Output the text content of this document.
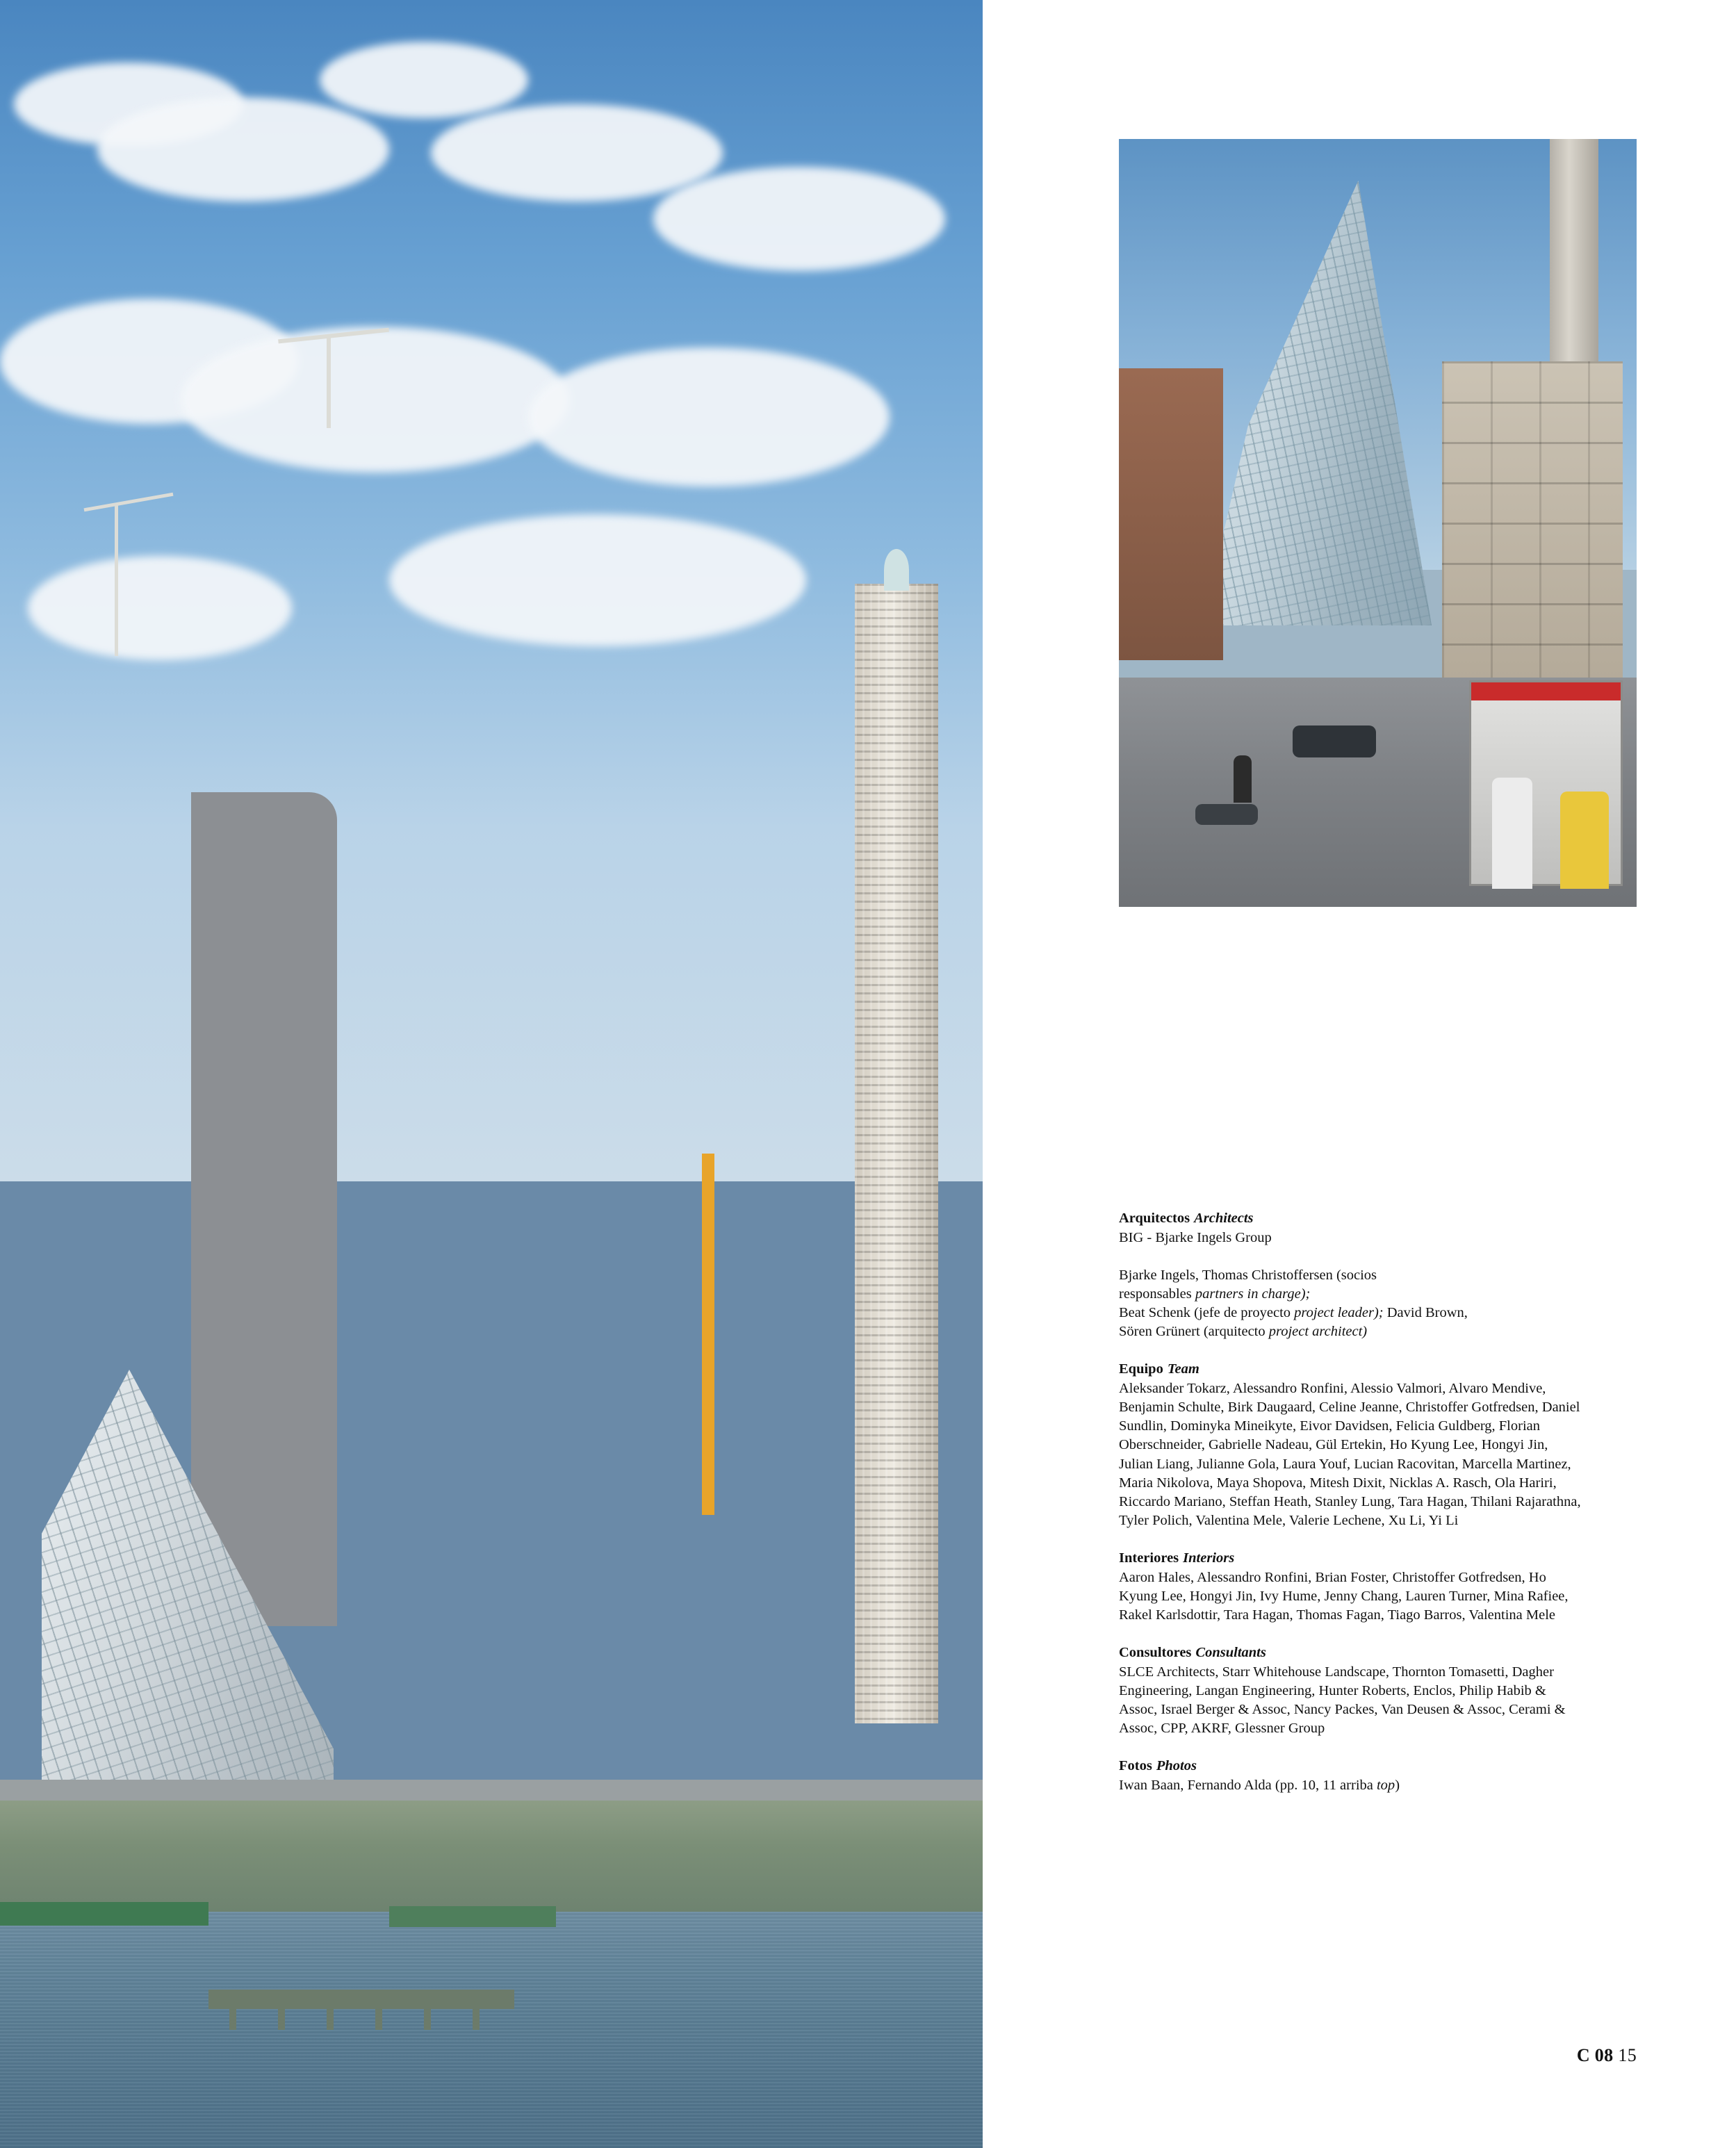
Arquitectos Architects

BIG - Bjarke Ingels Group

Bjarke Ingels, Thomas Christoffersen (socios

responsables partners in charge);

Beat Schenk (jefe de proyecto project leader); David Brown,

Sören Grünert (arquitecto project architect)

Equipo Team

Aleksander Tokarz, Alessandro Ronfini, Alessio Valmori, Alvaro Mendive, Benjamin Schulte, Birk Daugaard, Celine Jeanne, Christoffer Gotfredsen, Daniel Sundlin, Dominyka Mineikyte, Eivor Davidsen, Felicia Guldberg, Florian Oberschneider, Gabrielle Nadeau, Gül Ertekin, Ho Kyung Lee, Hongyi Jin, Julian Liang, Julianne Gola, Laura Youf, Lucian Racovitan, Marcella Martinez, Maria Nikolova, Maya Shopova, Mitesh Dixit, Nicklas A. Rasch, Ola Hariri, Riccardo Mariano, Steffan Heath, Stanley Lung, Tara Hagan, Thilani Rajarathna, Tyler Polich, Valentina Mele, Valerie Lechene, Xu Li, Yi Li

Interiores Interiors

Aaron Hales, Alessandro Ronfini, Brian Foster, Christoffer Gotfredsen, Ho Kyung Lee, Hongyi Jin, Ivy Hume, Jenny Chang, Lauren Turner, Mina Rafiee, Rakel Karlsdottir, Tara Hagan, Thomas Fagan, Tiago Barros, Valentina Mele

Consultores Consultants

SLCE Architects, Starr Whitehouse Landscape, Thornton Tomasetti, Dagher Engineering, Langan Engineering, Hunter Roberts, Enclos, Philip Habib & Assoc, Israel Berger & Assoc, Nancy Packes, Van Deusen & Assoc, Cerami & Assoc, CPP, AKRF, Glessner Group

Fotos Photos

Iwan Baan, Fernando Alda (pp. 10, 11 arriba top)

C 08 15
